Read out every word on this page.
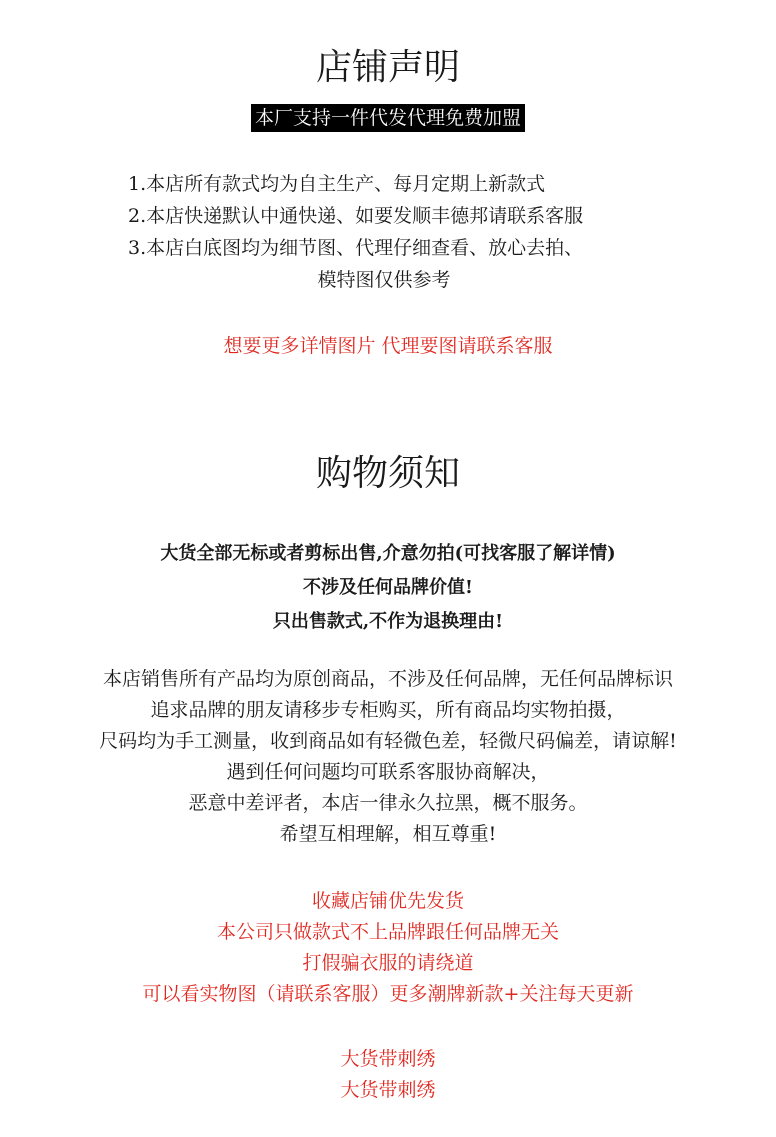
店铺声明
本厂支持一件代发代理免费加盟
1.本店所有款式均为自主生产、每月定期上新款式
2.本店快递默认中通快递、如要发顺丰德邦请联系客服
3.本店白底图均为细节图、代理仔细查看、放心去拍、
模特图仅供参考
想要更多详情图片 代理要图请联系客服
购物须知
大货全部无标或者剪标出售,介意勿拍(可找客服了解详情)
不涉及任何品牌价值!
只出售款式,不作为退换理由!
本店销售所有产品均为原创商品，不涉及任何品牌，无任何品牌标识
追求品牌的朋友请移步专柜购买，所有商品均实物拍摄，
尺码均为手工测量，收到商品如有轻微色差，轻微尺码偏差，请谅解!
遇到任何问题均可联系客服协商解决，
恶意中差评者，本店一律永久拉黑，概不服务。
希望互相理解，相互尊重!
收藏店铺优先发货
本公司只做款式不上品牌跟任何品牌无关
打假骗衣服的请绕道
可以看实物图（请联系客服）更多潮牌新款+关注每天更新
大货带刺绣
大货带刺绣
